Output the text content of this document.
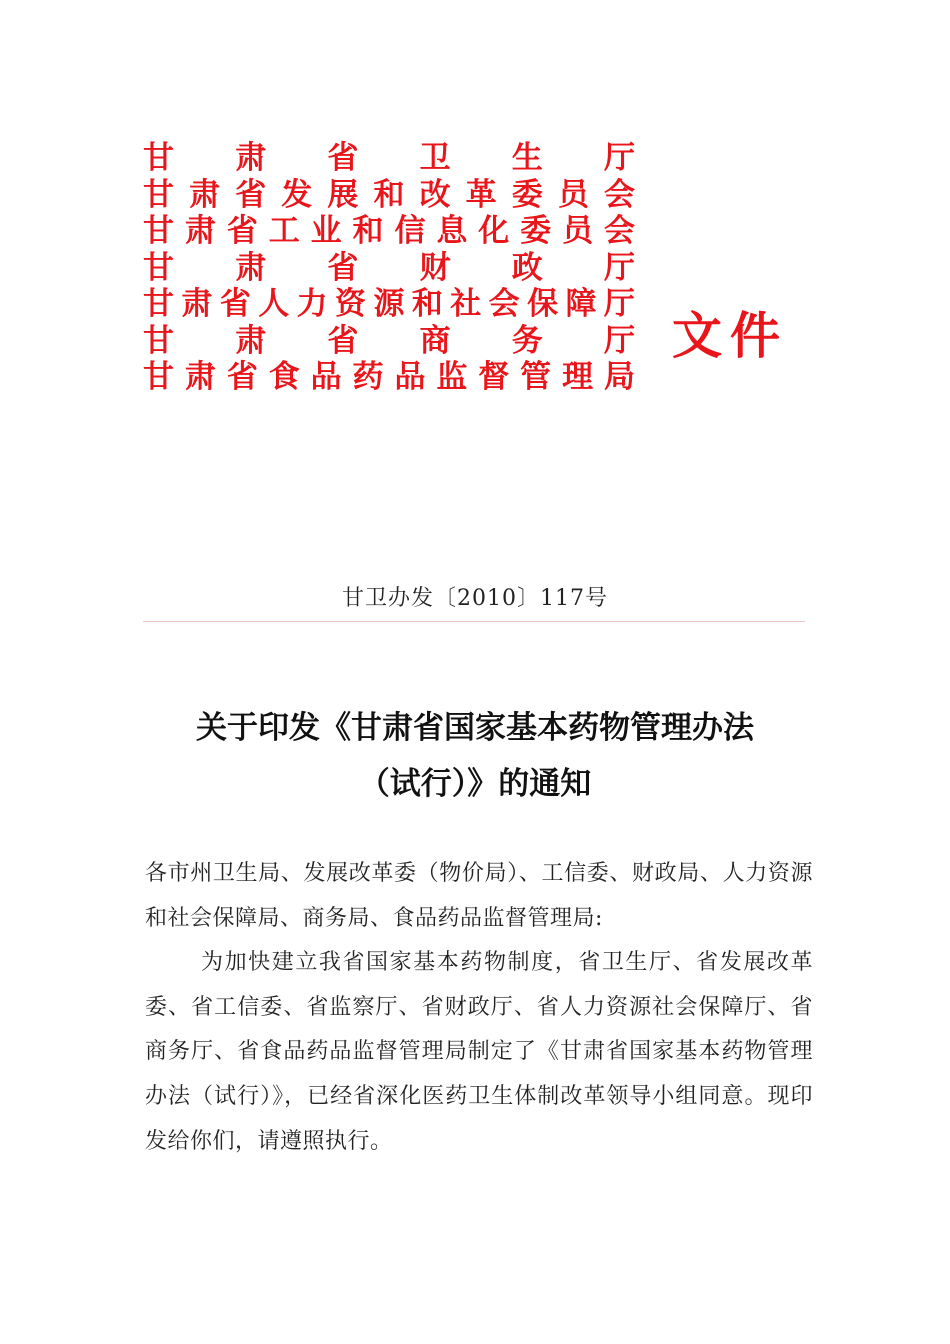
甘 肃 省 卫 生 厅
甘 肃 省 发 展 和 改 革 委 员 会
甘 肃 省 工 业 和 信 息 化 委 员 会
甘 肃 省 财 政 厅
甘 肃 省 人 力 资 源 和 社 会 保 障 厅
甘 肃 省 商 务 厅
甘 肃 省 食 品 药 品 监 督 管 理 局
文件
甘卫办发〔2010〕117号
关于印发《甘肃省国家基本药物管理办法
（试行）》的通知

各市州卫生局、发展改革委（物价局）、工信委、财政局、人力资源和社会保障局、商务局、食品药品监督管理局:

为加快建立我省国家基本药物制度，省卫生厅、省发展改革委、省工信委、省监察厅、省财政厅、省人力资源社会保障厅、省商务厅、省食品药品监督管理局制定了《甘肃省国家基本药物管理办法（试行）》，已经省深化医药卫生体制改革领导小组同意。现印发给你们，请遵照执行。
